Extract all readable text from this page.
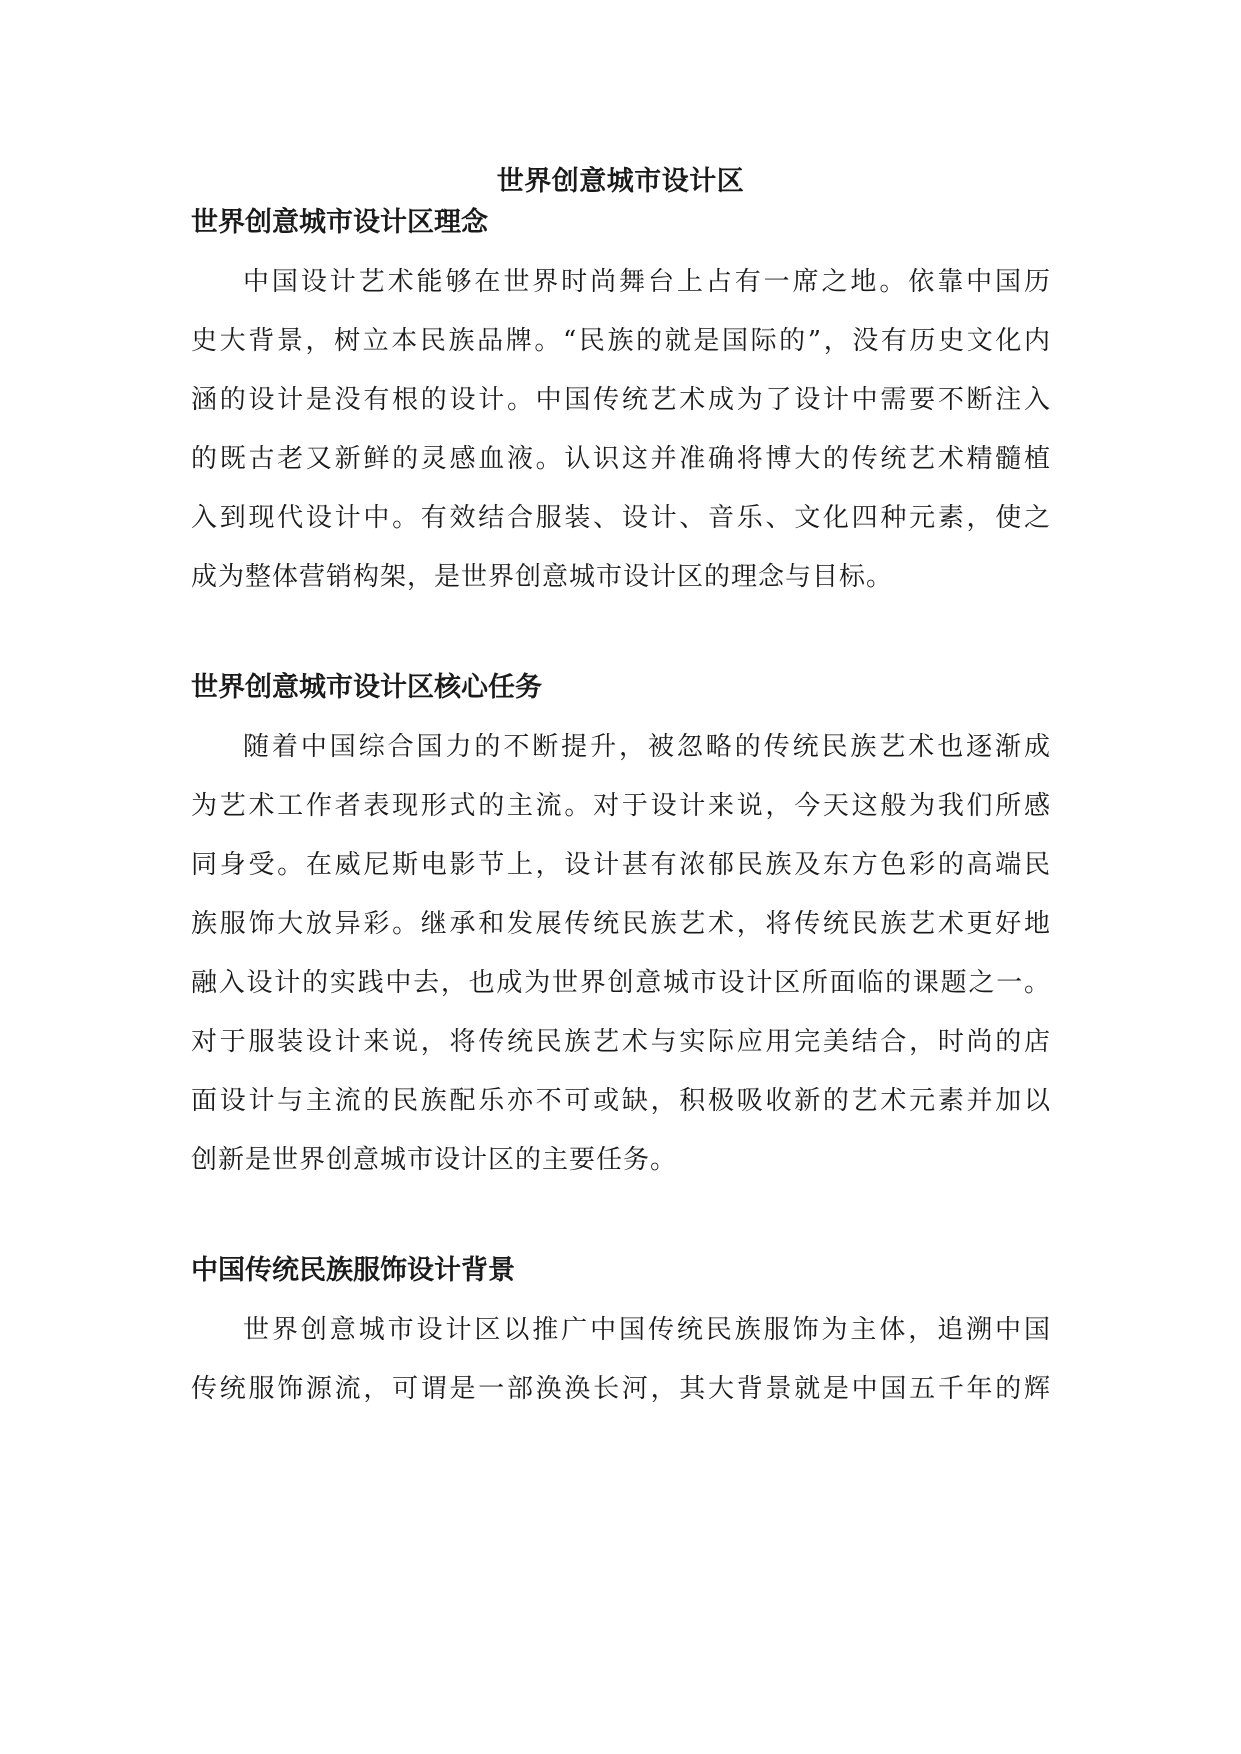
世界创意城市设计区
世界创意城市设计区理念
中国设计艺术能够在世界时尚舞台上占有一席之地。依靠中国历
史大背景，树立本民族品牌。“民族的就是国际的”，没有历史文化内
涵的设计是没有根的设计。中国传统艺术成为了设计中需要不断注入
的既古老又新鲜的灵感血液。认识这并准确将博大的传统艺术精髓植
入到现代设计中。有效结合服装、设计、音乐、文化四种元素，使之
成为整体营销构架，是世界创意城市设计区的理念与目标。
世界创意城市设计区核心任务
随着中国综合国力的不断提升，被忽略的传统民族艺术也逐渐成
为艺术工作者表现形式的主流。对于设计来说，今天这般为我们所感
同身受。在威尼斯电影节上，设计甚有浓郁民族及东方色彩的高端民
族服饰大放异彩。继承和发展传统民族艺术，将传统民族艺术更好地
融入设计的实践中去，也成为世界创意城市设计区所面临的课题之一。
对于服装设计来说，将传统民族艺术与实际应用完美结合，时尚的店
面设计与主流的民族配乐亦不可或缺，积极吸收新的艺术元素并加以
创新是世界创意城市设计区的主要任务。
中国传统民族服饰设计背景
世界创意城市设计区以推广中国传统民族服饰为主体，追溯中国
传统服饰源流，可谓是一部涣涣长河，其大背景就是中国五千年的辉
